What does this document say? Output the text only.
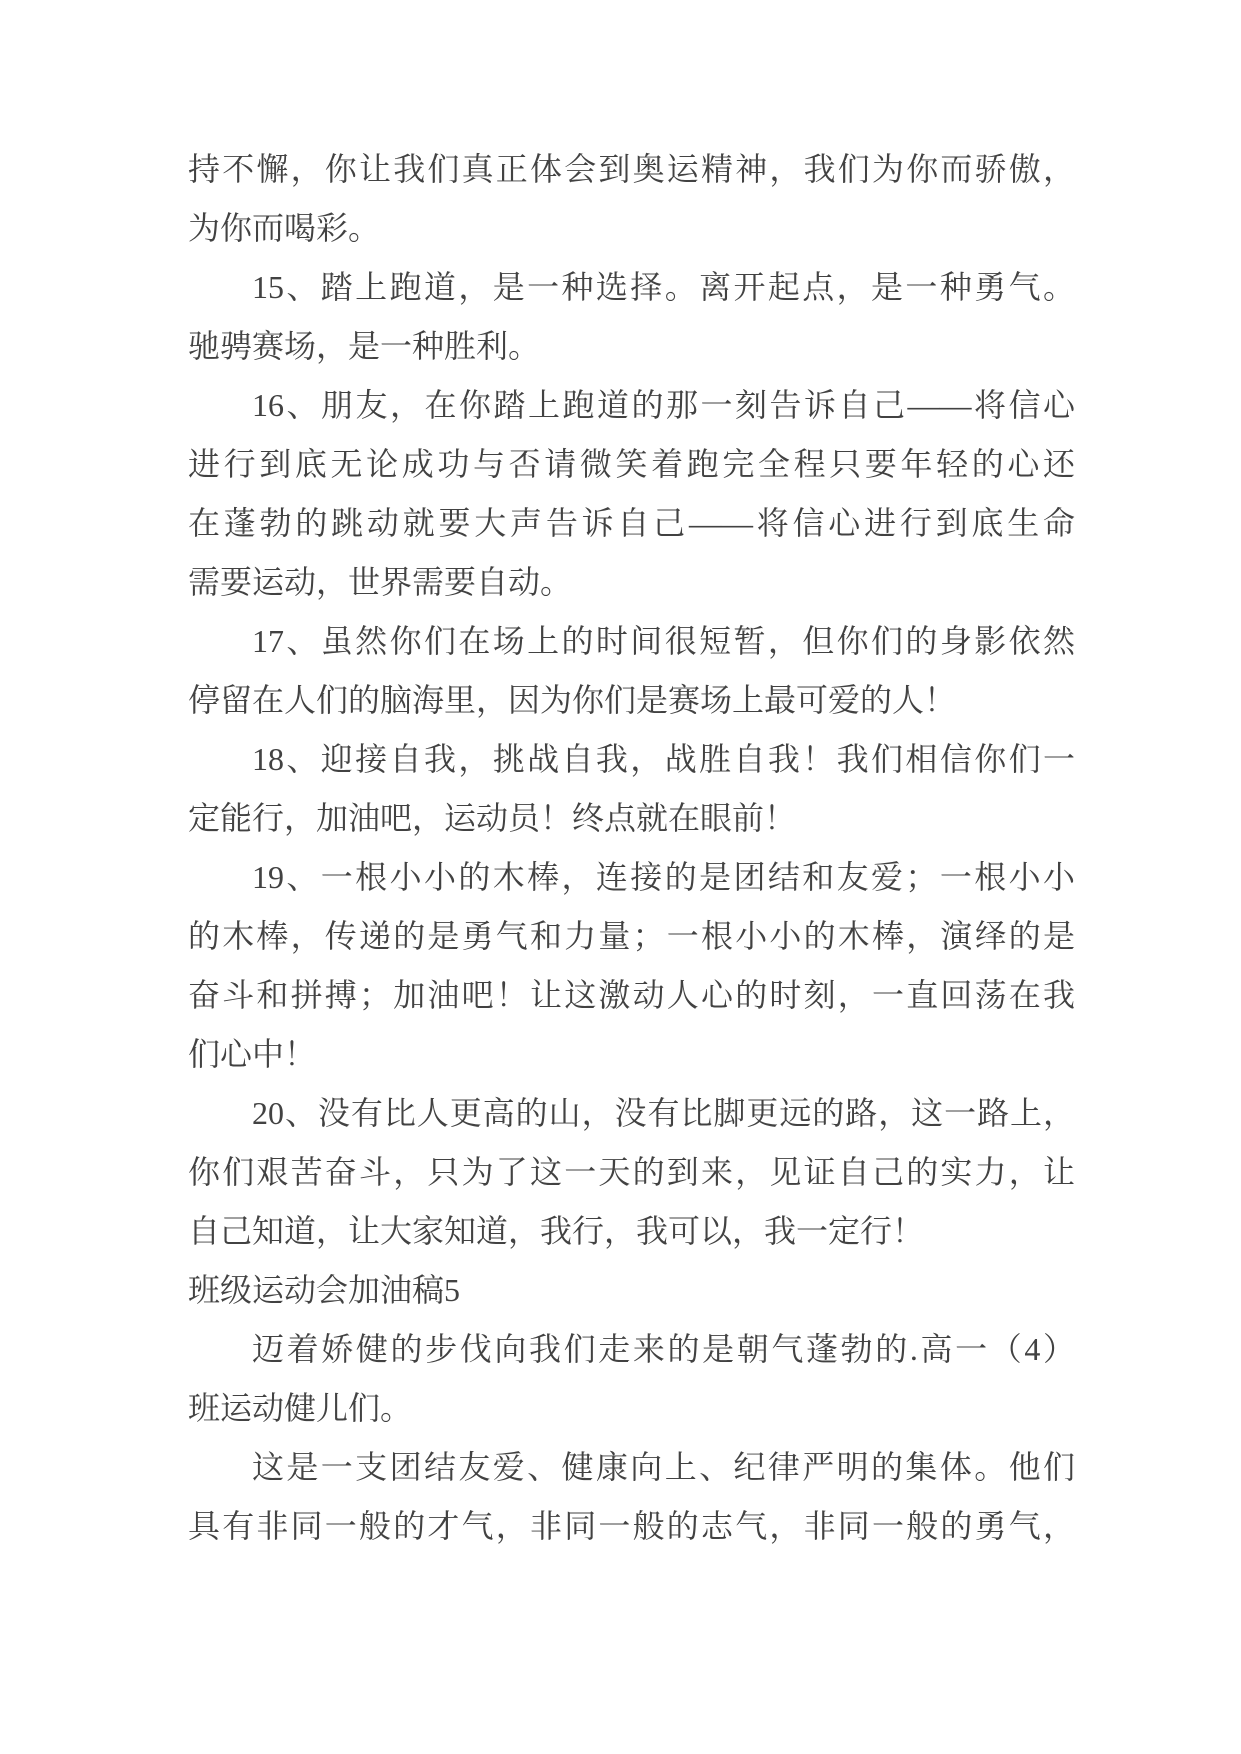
持不懈，你让我们真正体会到奥运精神，我们为你而骄傲，
为你而喝彩。
15、踏上跑道，是一种选择。离开起点，是一种勇气。
驰骋赛场，是一种胜利。
16、朋友，在你踏上跑道的那一刻告诉自己——将信心
进行到底无论成功与否请微笑着跑完全程只要年轻的心还
在蓬勃的跳动就要大声告诉自己——将信心进行到底生命
需要运动，世界需要自动。
17、虽然你们在场上的时间很短暂，但你们的身影依然
停留在人们的脑海里，因为你们是赛场上最可爱的人！
18、迎接自我，挑战自我，战胜自我！我们相信你们一
定能行，加油吧，运动员！终点就在眼前！
19、一根小小的木棒，连接的是团结和友爱；一根小小
的木棒，传递的是勇气和力量；一根小小的木棒，演绎的是
奋斗和拼搏；加油吧！让这激动人心的时刻，一直回荡在我
们心中！
20、没有比人更高的山，没有比脚更远的路，这一路上，
你们艰苦奋斗，只为了这一天的到来，见证自己的实力，让
自己知道，让大家知道，我行，我可以，我一定行！
班级运动会加油稿5
迈着娇健的步伐向我们走来的是朝气蓬勃的.高一（4）
班运动健儿们。
这是一支团结友爱、健康向上、纪律严明的集体。他们
具有非同一般的才气，非同一般的志气，非同一般的勇气，
